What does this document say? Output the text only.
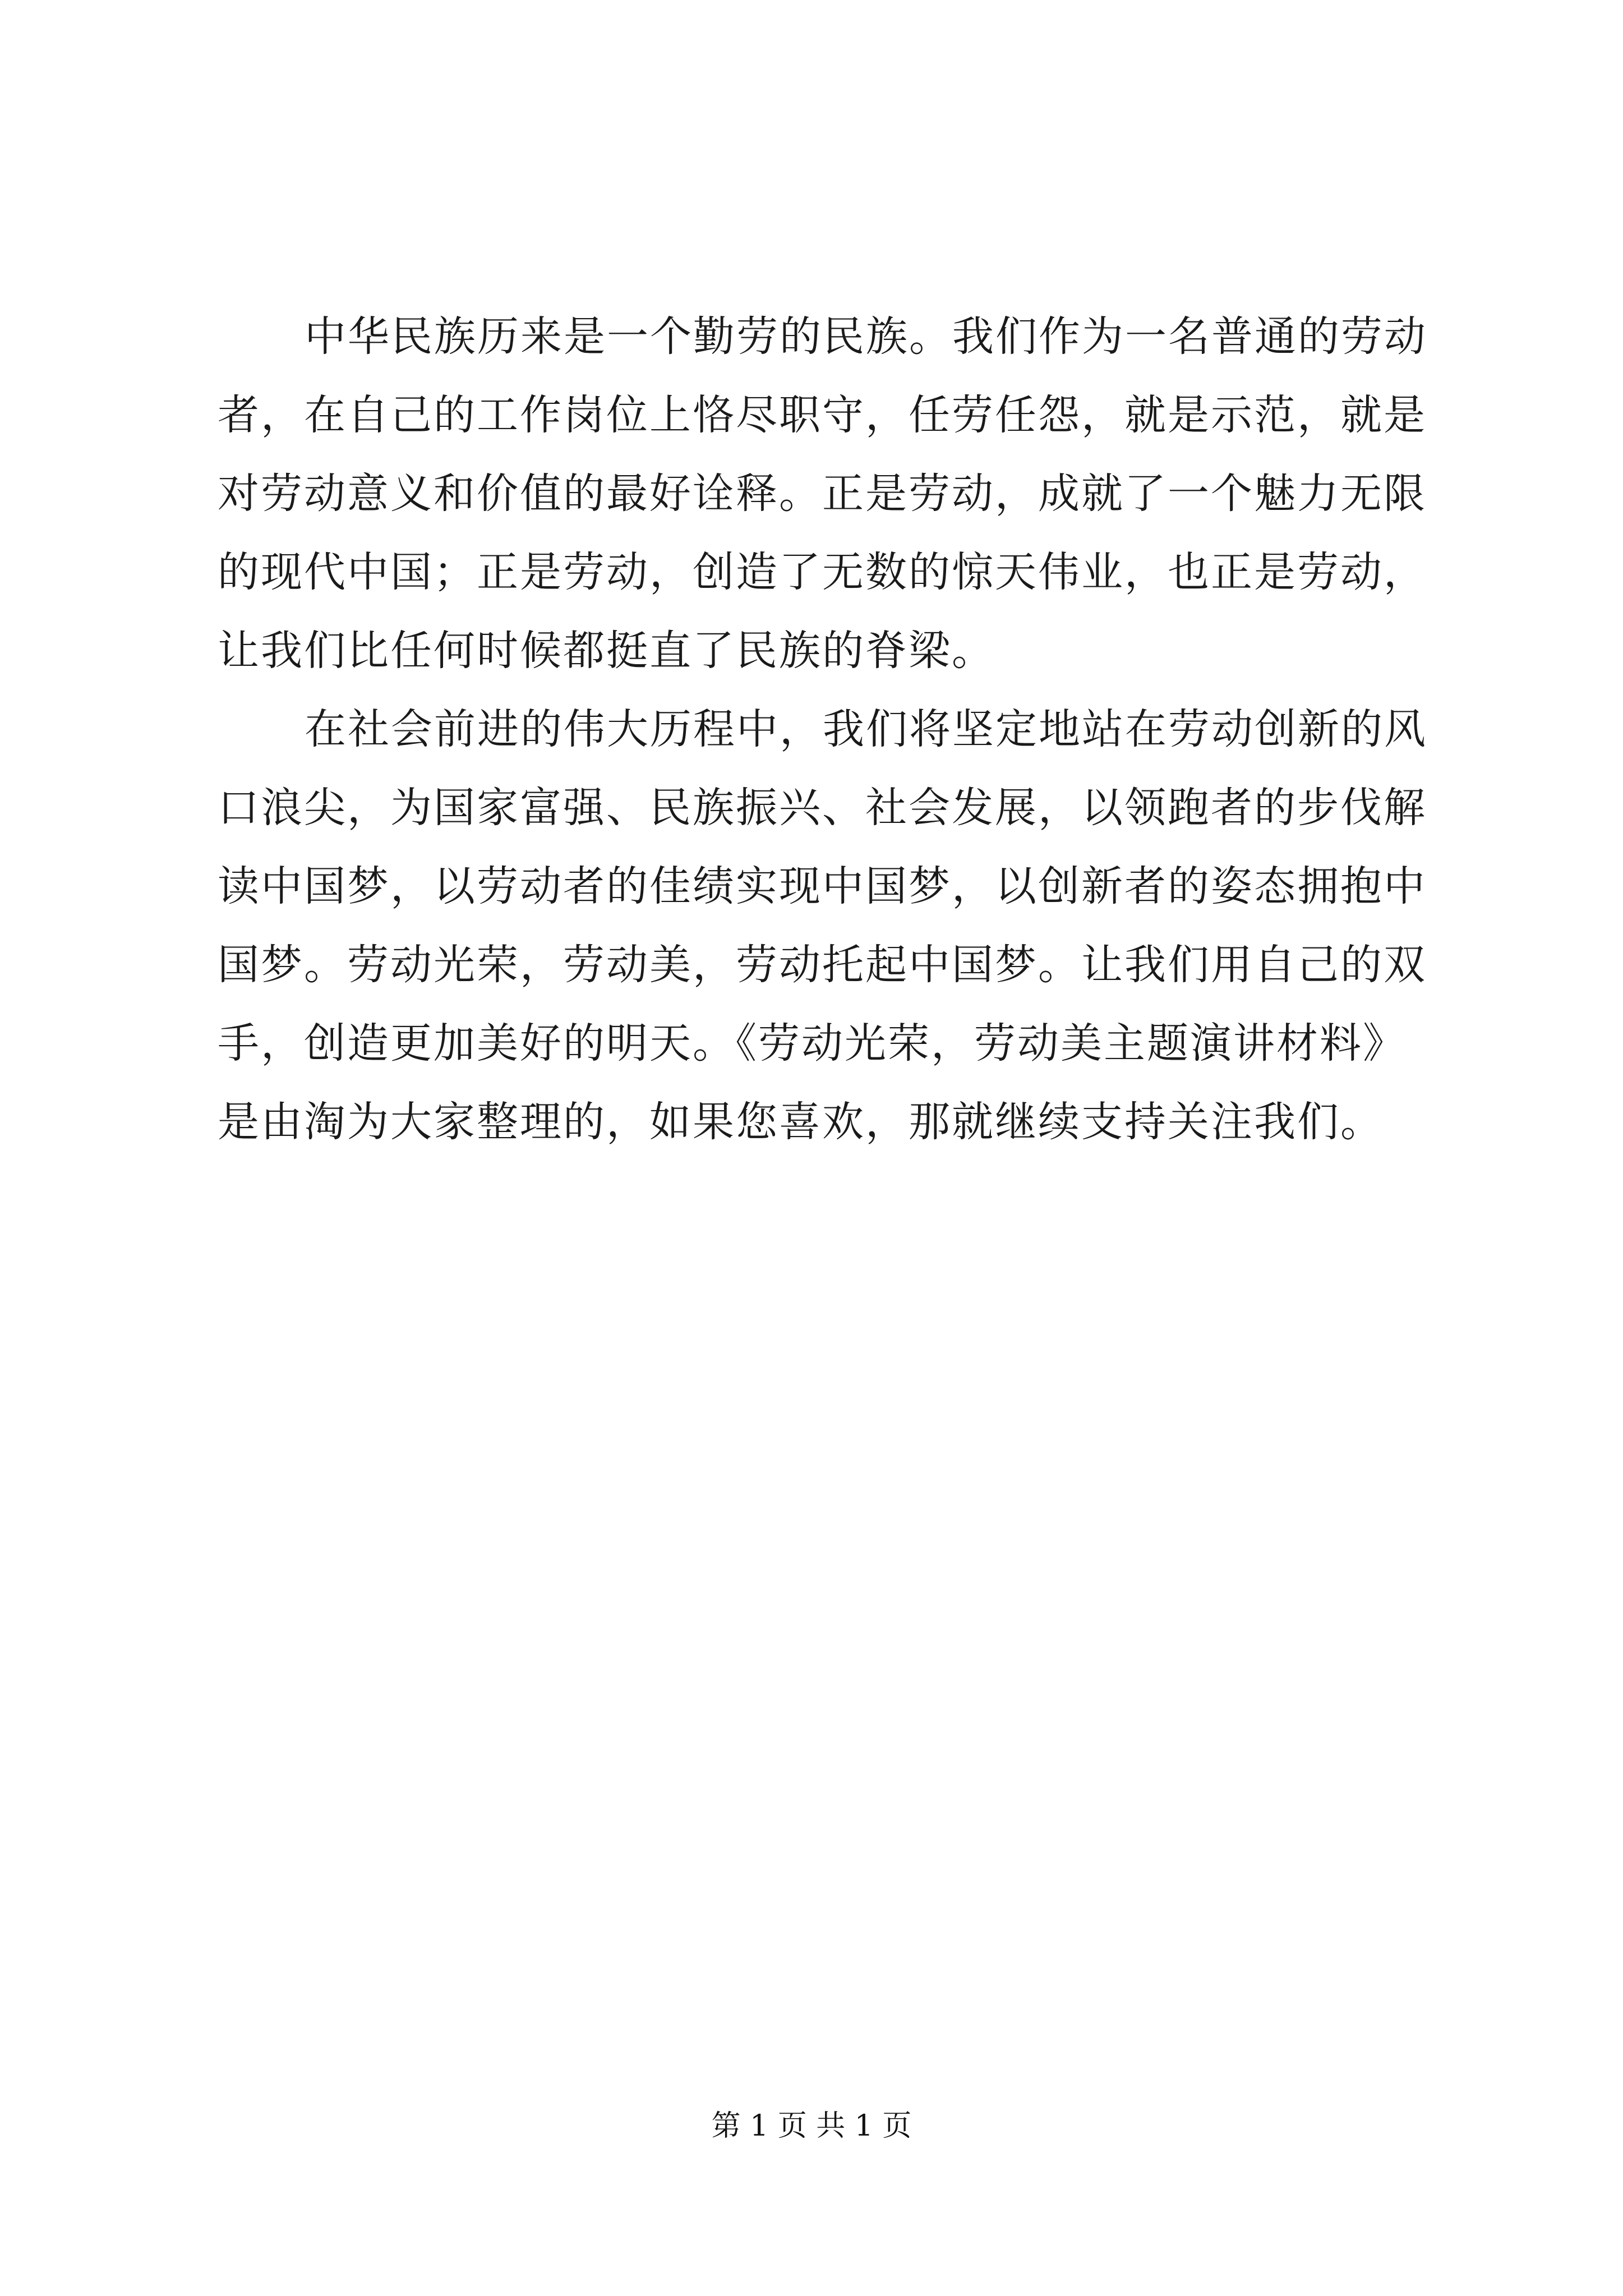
中华民族历来是一个勤劳的民族。我们作为一名普通的劳动
者，在自己的工作岗位上恪尽职守，任劳任怨，就是示范，就是
对劳动意义和价值的最好诠释。正是劳动，成就了一个魅力无限
的现代中国；正是劳动，创造了无数的惊天伟业，也正是劳动，
让我们比任何时候都挺直了民族的脊梁。
在社会前进的伟大历程中，我们将坚定地站在劳动创新的风
口浪尖，为国家富强、民族振兴、社会发展，以领跑者的步伐解
读中国梦，以劳动者的佳绩实现中国梦，以创新者的姿态拥抱中
国梦。劳动光荣，劳动美，劳动托起中国梦。让我们用自己的双
手，创造更加美好的明天。《劳动光荣，劳动美主题演讲材料》
是由淘为大家整理的，如果您喜欢，那就继续支持关注我们。
第 1 页 共 1 页
